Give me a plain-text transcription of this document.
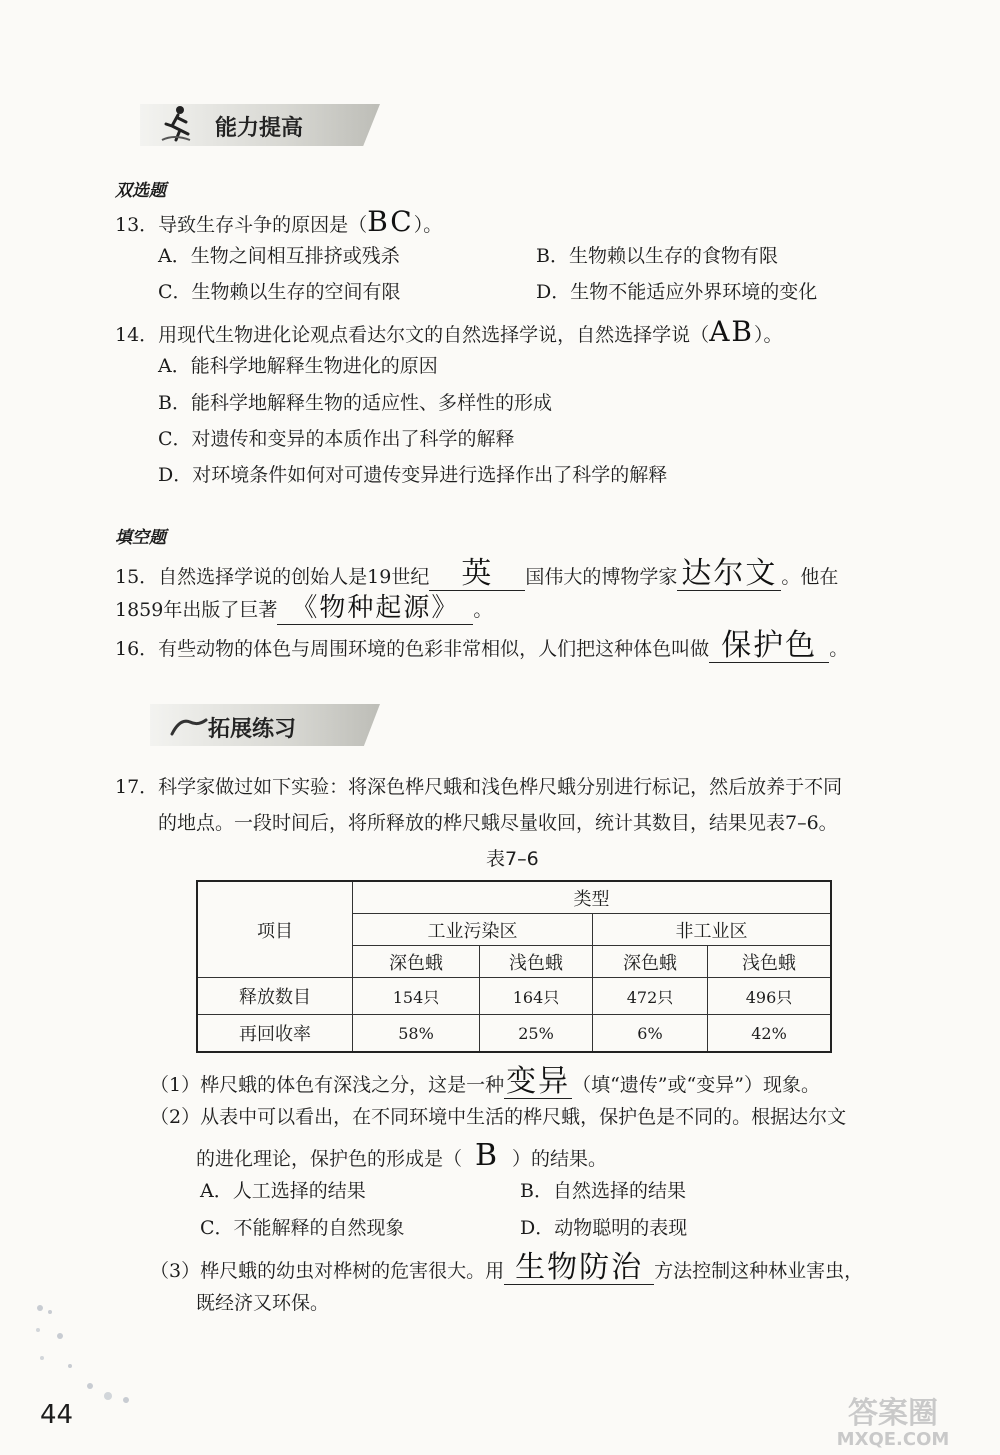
能力提高
双选题
13．导致生存斗争的原因是（BC）。
A．生物之间相互排挤或残杀	B．生物赖以生存的食物有限
C．生物赖以生存的空间有限	D．生物不能适应外界环境的变化
14．用现代生物进化论观点看达尔文的自然选择学说，自然选择学说（AB）。
A．能科学地解释生物进化的原因
B．能科学地解释生物的适应性、多样性的形成
C．对遗传和变异的本质作出了科学的解释
D．对环境条件如何对可遗传变异进行选择作出了科学的解释
填空题
15．自然选择学说的创始人是19世纪 英 国伟大的博物学家 达尔文 。他在
1859年出版了巨著 《物种起源》 。
16．有些动物的体色与周围环境的色彩非常相似，人们把这种体色叫做 保护色 。
拓展练习
17．科学家做过如下实验：将深色桦尺蛾和浅色桦尺蛾分别进行标记，然后放养于不同
的地点。一段时间后，将所释放的桦尺蛾尽量收回，统计其数目，结果见表7–6。
表7–6
项目	类型			
	工业污染区		非工业区	
	深色蛾	浅色蛾	深色蛾	浅色蛾
释放数目	154只	164只	472只	496只
再回收率	58%	25%	6%	42%
（1）桦尺蛾的体色有深浅之分，这是一种变异 （填“遗传”或“变异”）现象。
（2）从表中可以看出，在不同环境中生活的桦尺蛾，保护色是不同的。根据达尔文
的进化理论，保护色的形成是（ B ）的结果。
A．人工选择的结果	B．自然选择的结果
C．不能解释的自然现象	D．动物聪明的表现
（3）桦尺蛾的幼虫对桦树的危害很大。用 生物防治 方法控制这种林业害虫，
既经济又环保。
44	答案圈
MXQE.COM
